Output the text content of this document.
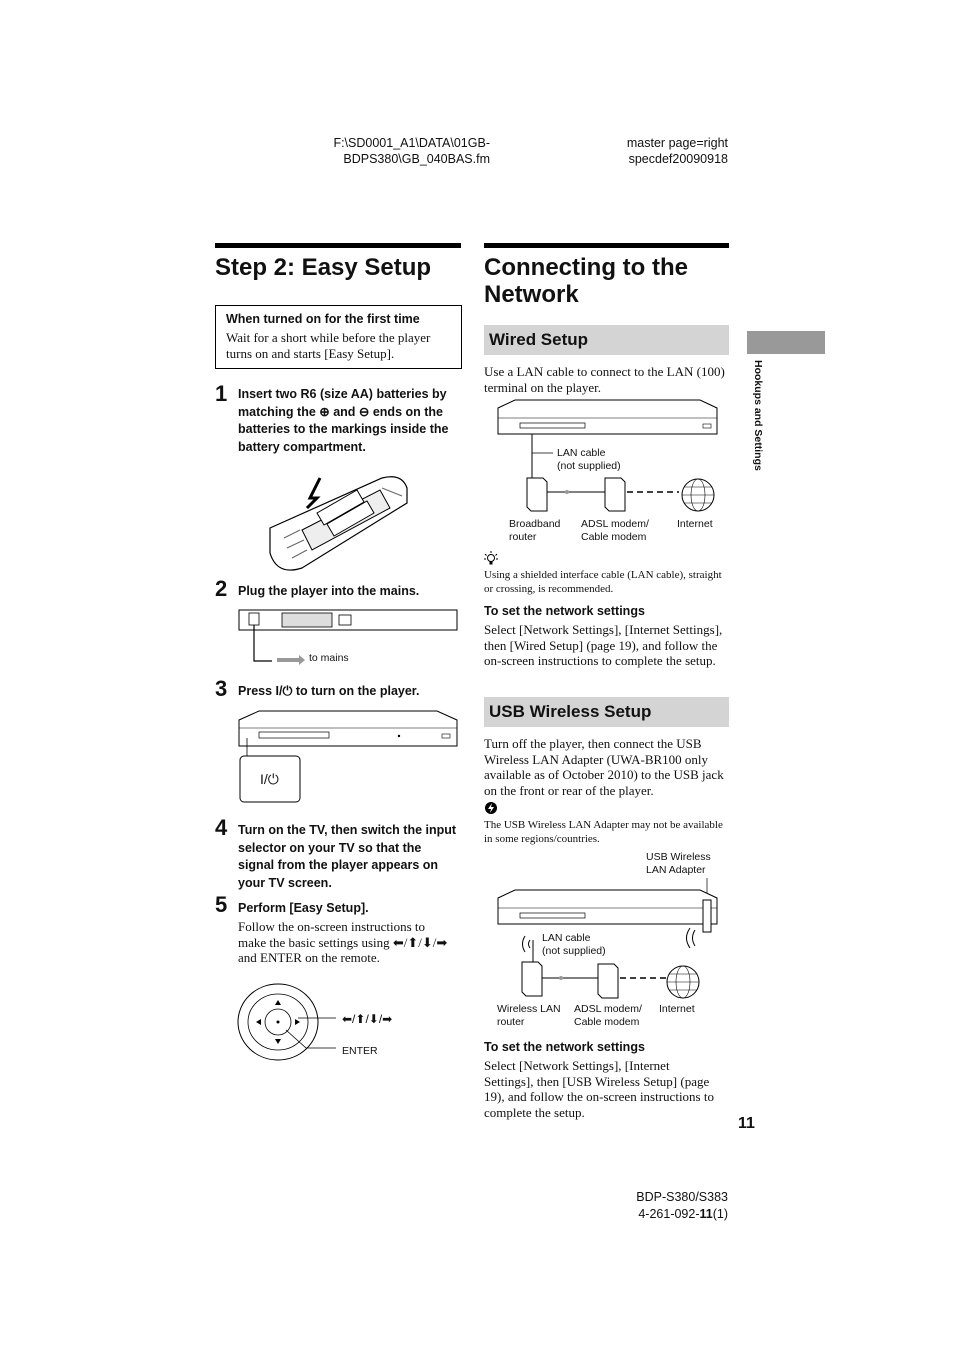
F:\SD0001_A1\DATA\01GB-
BDPS380\GB_040BAS.fm
master page=right
specdef20090918
Step 2: Easy Setup
When turned on for the first time
Wait for a short while before the player turns on and starts [Easy Setup].
1 Insert two R6 (size AA) batteries by matching the ⊕ and ⊖ ends on the batteries to the markings inside the battery compartment.
2 Plug the player into the mains.
to mains
3 Press I/⏻ to turn on the player.
I/⏻
4 Turn on the TV, then switch the input selector on your TV so that the signal from the player appears on your TV screen.
5 Perform [Easy Setup].
Follow the on-screen instructions to make the basic settings using ⬅/⬆/⬇/➡ and ENTER on the remote.
⬅/⬆/⬇/➡
ENTER
Connecting to the
Network
Wired Setup
Use a LAN cable to connect to the LAN (100) terminal on the player.
LAN cable
(not supplied)
Broadband
router
ADSL modem/
Cable modem
Internet
Using a shielded interface cable (LAN cable), straight or crossing, is recommended.
To set the network settings
Select [Network Settings], [Internet Settings], then [Wired Setup] (page 19), and follow the on-screen instructions to complete the setup.
USB Wireless Setup
Turn off the player, then connect the USB Wireless LAN Adapter (UWA-BR100 only available as of October 2010) to the USB jack on the front or rear of the player.
The USB Wireless LAN Adapter may not be available in some regions/countries.
USB Wireless
LAN Adapter
LAN cable
(not supplied)
Wireless LAN
router
ADSL modem/
Cable modem
Internet
To set the network settings
Select [Network Settings], [Internet Settings], then [USB Wireless Setup] (page 19), and follow the on-screen instructions to complete the setup.
Hookups and Settings
11
BDP-S380/S383
4-261-092-11(1)
